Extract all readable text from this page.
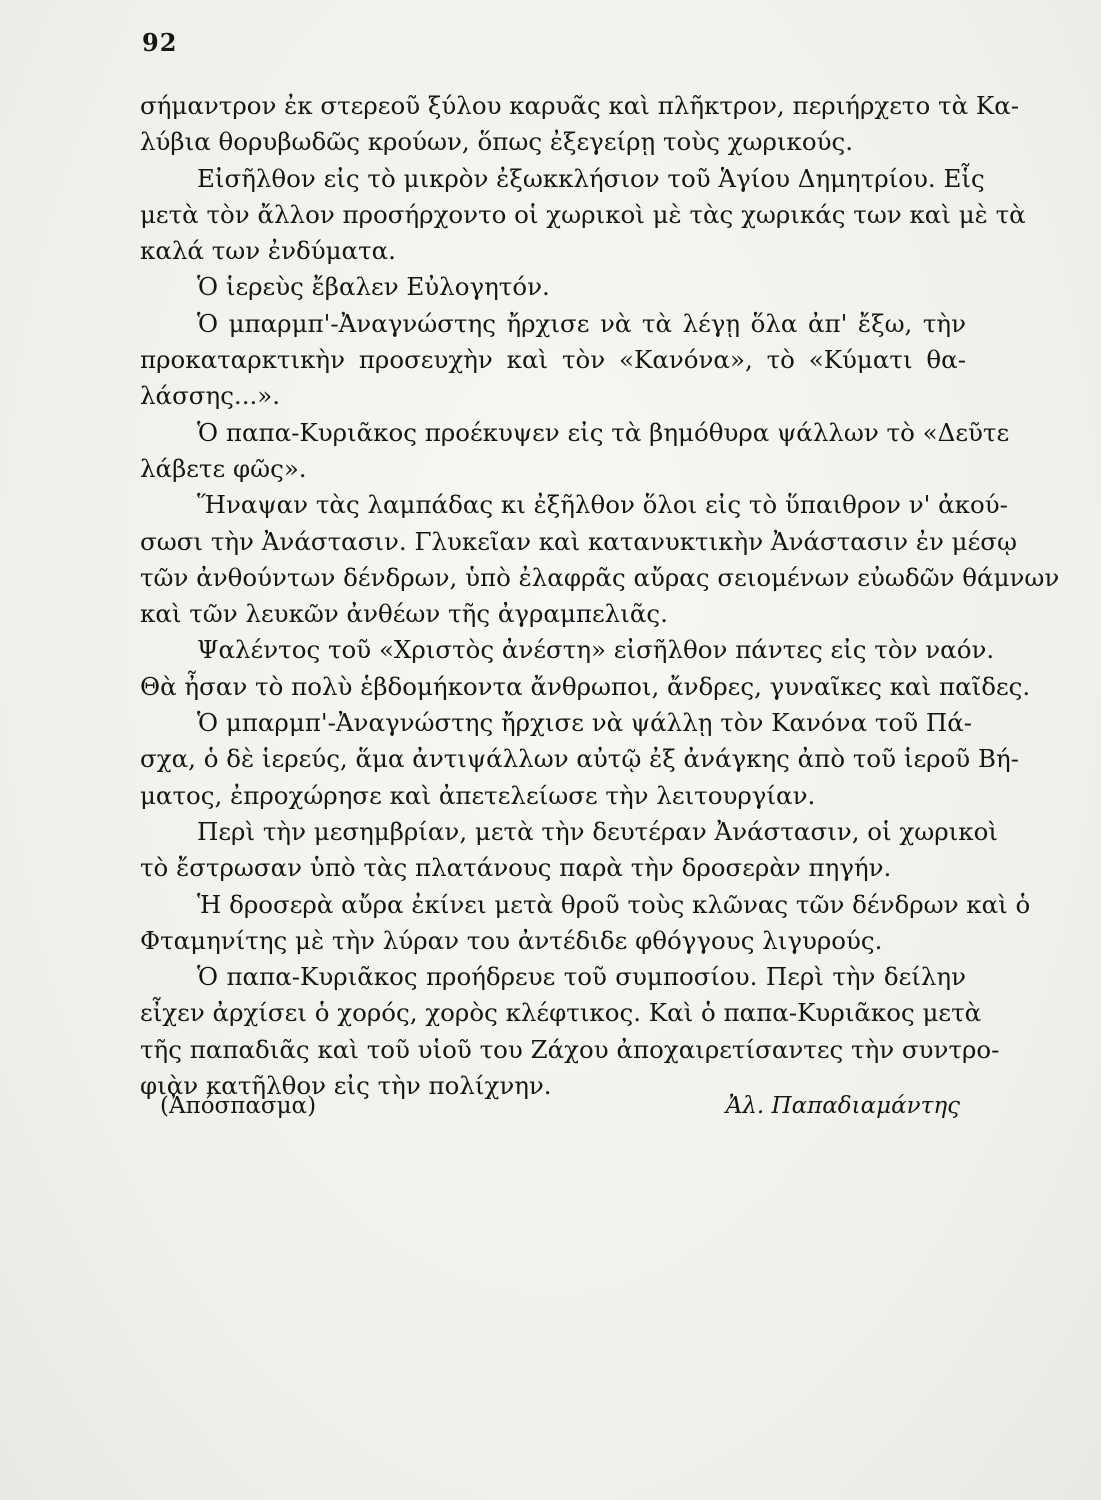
92
σήμαντρον ἐκ στερεοῦ ξύλου καρυᾶς καὶ πλῆκτρον, περιήρχετο τὰ Κα-
λύβια θορυβωδῶς κρούων, ὅπως ἐξεγείρῃ τοὺς χωρικούς.
Εἰσῆλθον εἰς τὸ μικρὸν ἐξωκκλήσιον τοῦ Ἁγίου Δημητρίου. Εἷς
μετὰ τὸν ἄλλον προσήρχοντο οἱ χωρικοὶ μὲ τὰς χωρικάς των καὶ μὲ τὰ
καλά των ἐνδύματα.
Ὁ ἱερεὺς ἔβαλεν Εὐλογητόν.
Ὁ μπαρμπ'-Ἀναγνώστης ἤρχισε νὰ τὰ λέγῃ ὅλα ἀπ' ἔξω, τὴν
προκαταρκτικὴν προσευχὴν καὶ τὸν «Κανόνα», τὸ «Κύματι θα-
λάσσης...».
Ὁ παπα-Κυριᾶκος προέκυψεν εἰς τὰ βημόθυρα ψάλλων τὸ «Δεῦτε
λάβετε φῶς».
Ἥναψαν τὰς λαμπάδας κι ἐξῆλθον ὅλοι εἰς τὸ ὕπαιθρον ν' ἀκού-
σωσι τὴν Ἀνάστασιν. Γλυκεῖαν καὶ κατανυκτικὴν Ἀνάστασιν ἐν μέσῳ
τῶν ἀνθούντων δένδρων, ὑπὸ ἐλαφρᾶς αὔρας σειομένων εὐωδῶν θάμνων
καὶ τῶν λευκῶν ἀνθέων τῆς ἀγραμπελιᾶς.
Ψαλέντος τοῦ «Χριστὸς ἀνέστη» εἰσῆλθον πάντες εἰς τὸν ναόν.
Θὰ ἦσαν τὸ πολὺ ἑβδομήκοντα ἄνθρωποι, ἄνδρες, γυναῖκες καὶ παῖδες.
Ὁ μπαρμπ'-Ἀναγνώστης ἤρχισε νὰ ψάλλῃ τὸν Κανόνα τοῦ Πά-
σχα, ὁ δὲ ἱερεύς, ἅμα ἀντιψάλλων αὐτῷ ἐξ ἀνάγκης ἀπὸ τοῦ ἱεροῦ Βή-
ματος, ἐπροχώρησε καὶ ἀπετελείωσε τὴν λειτουργίαν.
Περὶ τὴν μεσημβρίαν, μετὰ τὴν δευτέραν Ἀνάστασιν, οἱ χωρικοὶ
τὸ ἔστρωσαν ὑπὸ τὰς πλατάνους παρὰ τὴν δροσερὰν πηγήν.
Ἡ δροσερὰ αὔρα ἐκίνει μετὰ θροῦ τοὺς κλῶνας τῶν δένδρων καὶ ὁ
Φταμηνίτης μὲ τὴν λύραν του ἀντέδιδε φθόγγους λιγυρούς.
Ὁ παπα-Κυριᾶκος προήδρευε τοῦ συμποσίου. Περὶ τὴν δείλην
εἶχεν ἀρχίσει ὁ χορός, χορὸς κλέφτικος. Καὶ ὁ παπα-Κυριᾶκος μετὰ
τῆς παπαδιᾶς καὶ τοῦ υἱοῦ του Ζάχου ἀποχαιρετίσαντες τὴν συντρο-
φιὰν κατῆλθον εἰς τὴν πολίχνην.
(Ἀπόσπασμα)	Ἀλ. Παπαδιαμάντης
